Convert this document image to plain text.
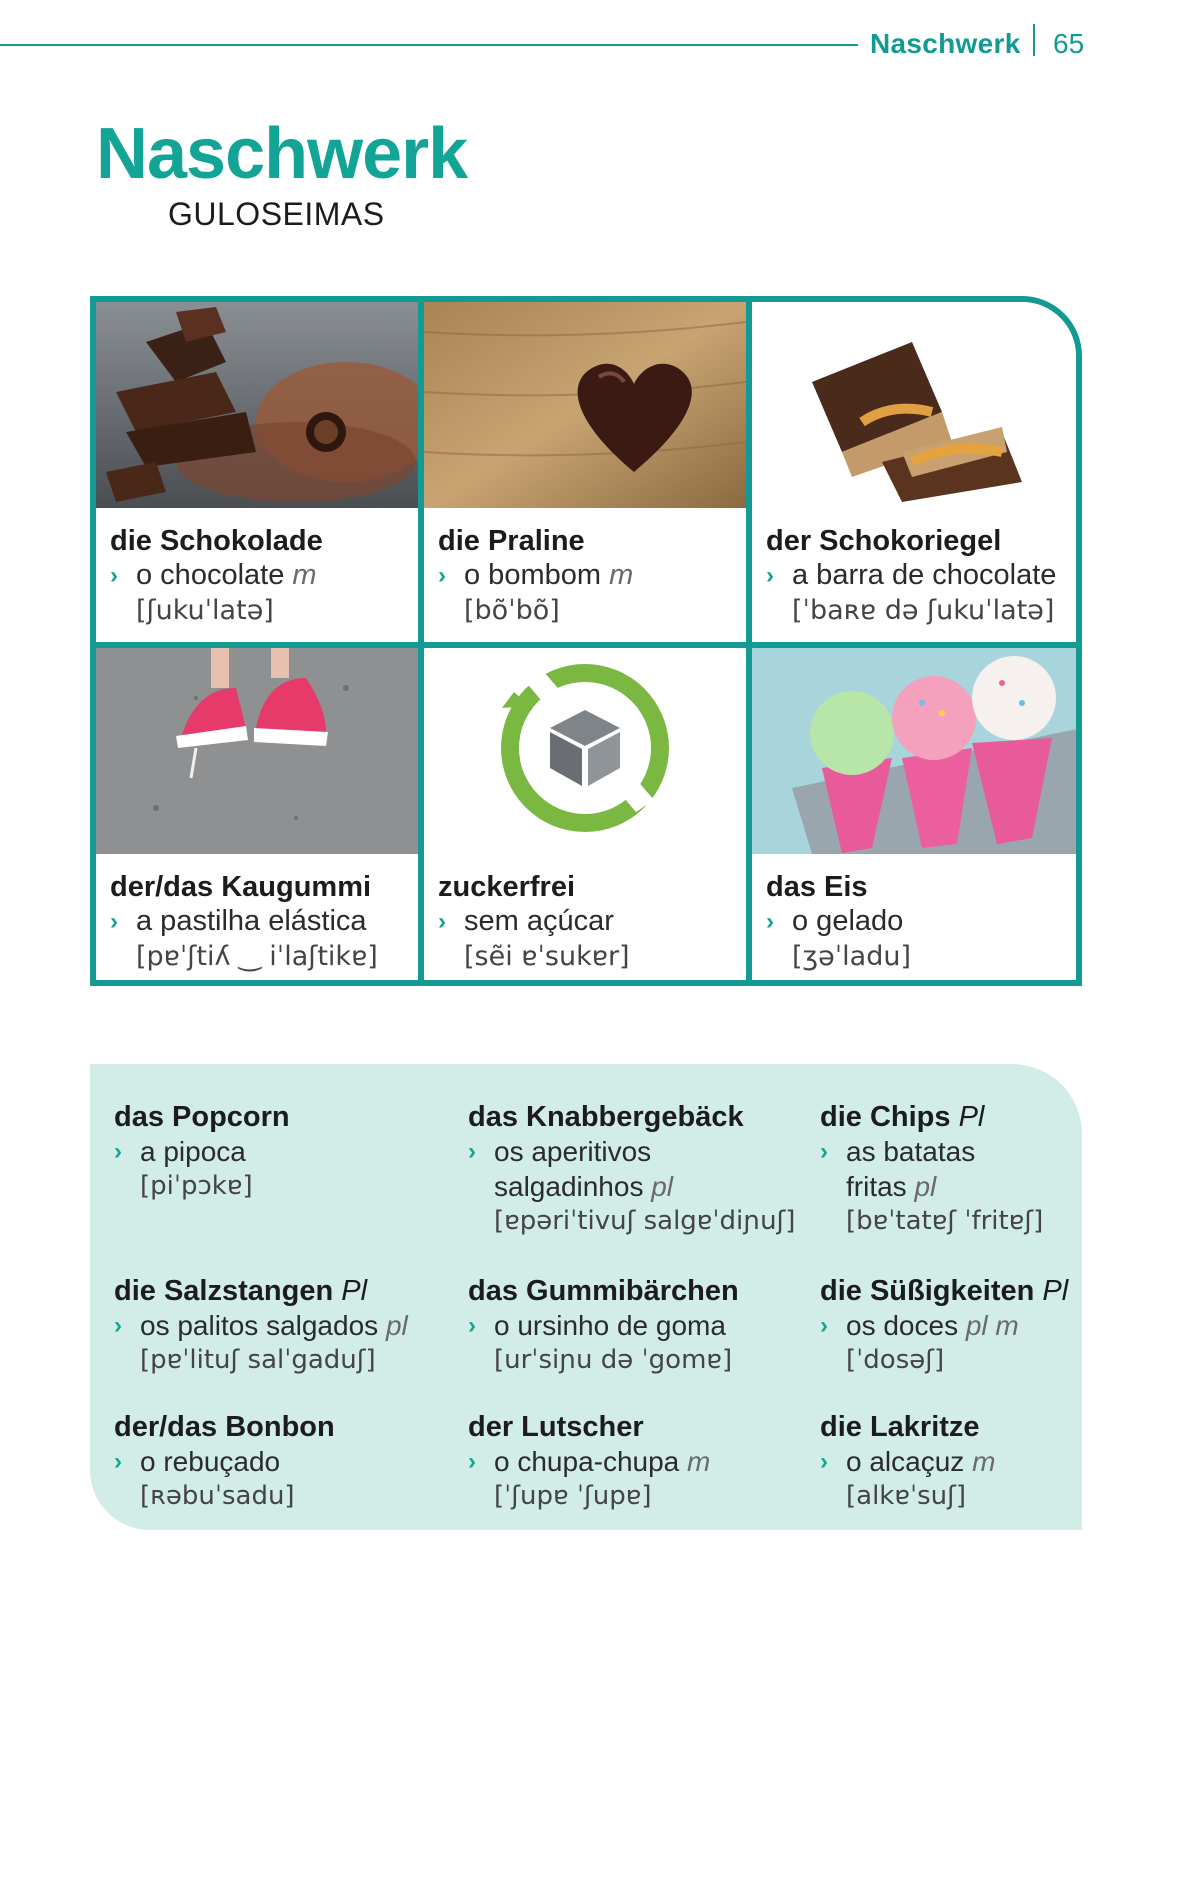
Naschwerk 65
Naschwerk
GULOSEIMAS
die Schokolade
› o chocolate m
[ʃukuˈlatə]
die Praline
› o bombom m
[bõˈbõ]
der Schokoriegel
› a barra de chocolate
[ˈbaʀɐ də ʃukuˈlatə]
der/das Kaugummi
› a pastilha elástica
[pɐˈʃtiʎ ‿ iˈlaʃtikɐ]
zuckerfrei
› sem açúcar
[sẽi ɐˈsukɐr]
das Eis
› o gelado
[ʒəˈladu]
das Popcorn
› a pipoca
[piˈpɔkɐ]
das Knabbergebäck
› os aperitivos
salgadinhos pl
[ɐpəriˈtivuʃ salgɐˈdiɲuʃ]
die Chips Pl
› as batatas
fritas pl
[bɐˈtatɐʃ ˈfritɐʃ]
die Salzstangen Pl
› os palitos salgados pl
[pɐˈlituʃ salˈgaduʃ]
das Gummibärchen
› o ursinho de goma
[urˈsiɲu də ˈgomɐ]
die Süßigkeiten Pl
› os doces pl m
[ˈdosəʃ]
der/das Bonbon
› o rebuçado
[ʀəbuˈsadu]
der Lutscher
› o chupa-chupa m
[ˈʃupɐ ˈʃupɐ]
die Lakritze
› o alcaçuz m
[alkɐˈsuʃ]
